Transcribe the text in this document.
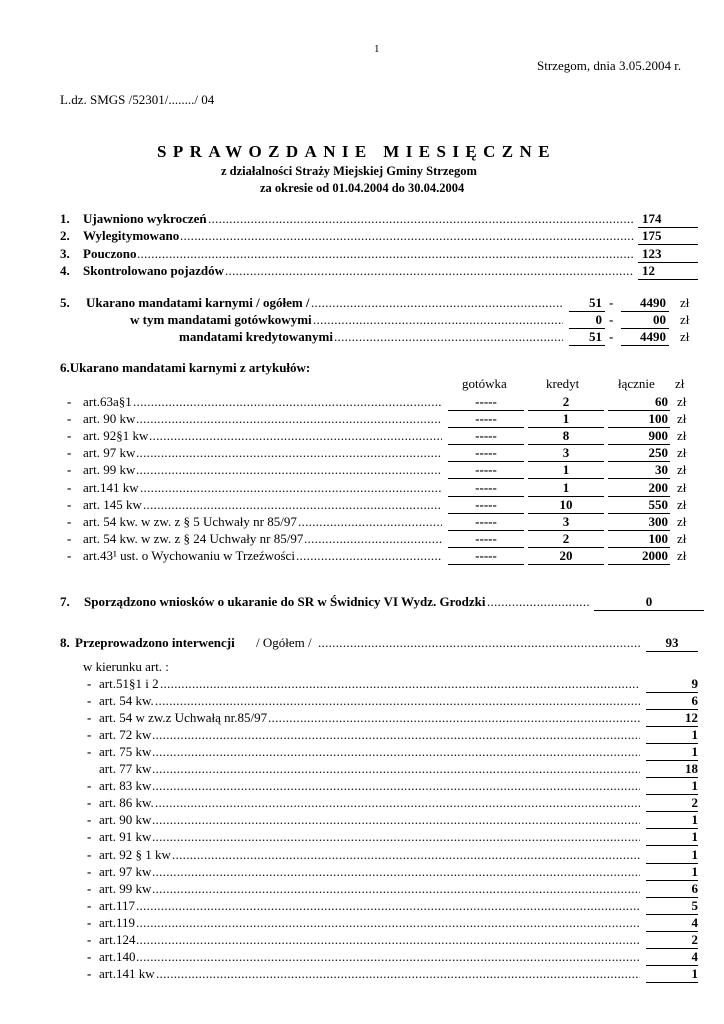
1
Strzegom, dnia 3.05.2004 r.
L.dz. SMGS /52301/......../ 04
SPRAWOZDANIE MIESIĘCZNE
z działalności Straży Miejskiej Gminy Strzegom
za okresie od 01.04.2004 do 30.04.2004
1. Ujawniono wykroczeń .....	174
2. Wylegitymowano .....	175
3. Pouczono .....	123
4. Skontrolowano pojazdów .....	12
5. Ukarano mandatami karnymi / ogółem / .....	51 -	4490 zł
w tym mandatami gotówkowymi .....	0 -	00 zł
mandatami kredytowanymi .....	51 -	4490 zł
6.Ukarano mandatami karnymi z artykułów:
gotówka	kredyt	łącznie zł
- art.63a§1 .....	-----	2	60 zł
- art. 90 kw .....	-----	1	100 zł
- art. 92§1 kw .....	-----	8	900 zł
- art. 97 kw .....	-----	3	250 zł
- art. 99 kw .....	-----	1	30 zł
- art.141 kw .....	-----	1	200 zł
- art. 145 kw .....	-----	10	550 zł
- art. 54 kw. w zw. z § 5 Uchwały nr 85/97 .....	-----	3	300 zł
- art. 54 kw. w zw. z § 24 Uchwały nr 85/97 .....	-----	2	100 zł
- art.43¹ ust. o Wychowaniu w Trzeźwości .....	-----	20	2000 zł
7. Sporządzono wniosków o ukaranie do SR w Świdnicy VI Wydz. Grodzki .....	0
8. Przeprowadzono interwencji / Ogółem / .....	93
w kierunku art. :
- art.51§1 i 2 .....	9
- art. 54 kw. .....	6
- art. 54 w zw.z Uchwałą nr.85/97 .....	12
- art. 72 kw .....	1
- art. 75 kw .....	1
art. 77 kw .....	18
- art. 83 kw .....	1
- art. 86 kw. .....	2
- art. 90 kw .....	1
- art. 91 kw .....	1
- art. 92 § 1 kw .....	1
- art. 97 kw .....	1
- art. 99 kw .....	6
- art.117 .....	5
- art.119 .....	4
- art.124 .....	2
- art.140 .....	4
- art.141 kw .....	1
